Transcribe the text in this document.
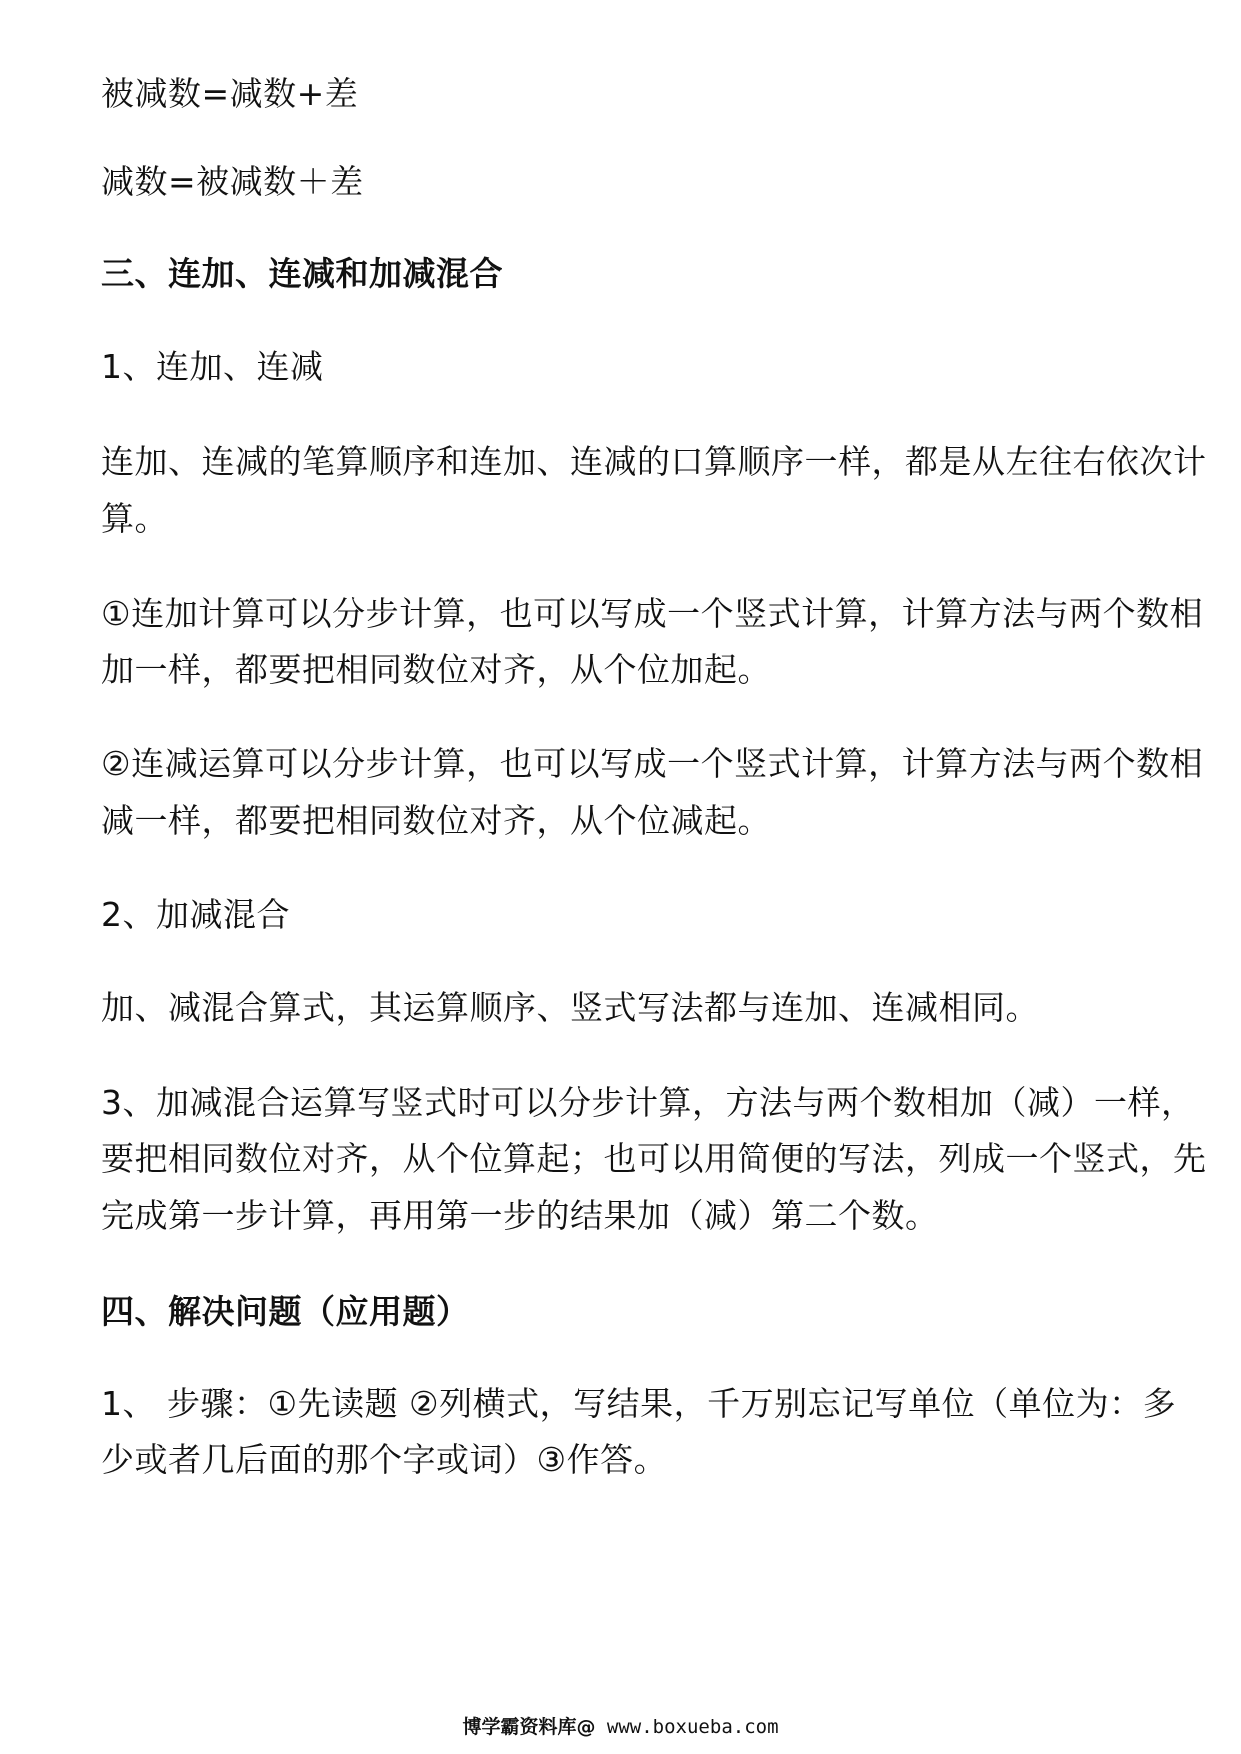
被减数=减数+差
减数=被减数＋差
三、连加、连减和加减混合
1、连加、连减
连加、连减的笔算顺序和连加、连减的口算顺序一样，都是从左往右依次计
算。
①连加计算可以分步计算，也可以写成一个竖式计算，计算方法与两个数相
加一样，都要把相同数位对齐，从个位加起。
②连减运算可以分步计算，也可以写成一个竖式计算，计算方法与两个数相
减一样，都要把相同数位对齐，从个位减起。
2、加减混合
加、减混合算式，其运算顺序、竖式写法都与连加、连减相同。
3、加减混合运算写竖式时可以分步计算，方法与两个数相加（减）一样，
要把相同数位对齐，从个位算起；也可以用简便的写法，列成一个竖式，先
完成第一步计算，再用第一步的结果加（减）第二个数。
四、解决问题（应用题）
1、 步骤：①先读题 ②列横式，写结果，千万别忘记写单位（单位为：多
少或者几后面的那个字或词）③作答。
博学霸资料库@ www.boxueba.com
